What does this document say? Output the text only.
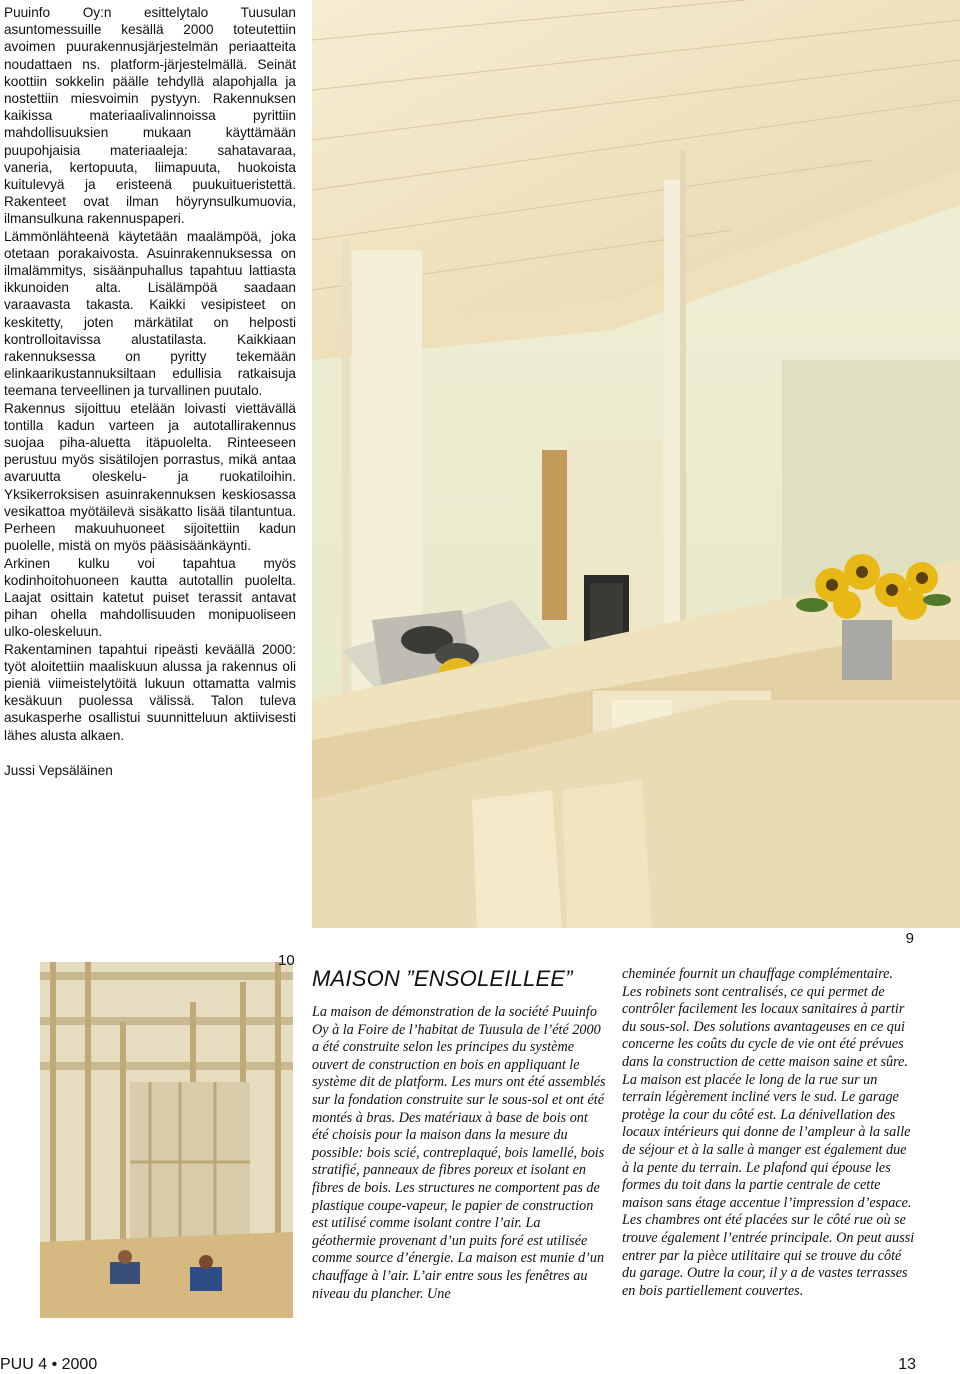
Puuinfo Oy:n esittelytalo Tuusulan asuntomessuille kesällä 2000 toteutettiin avoimen puurakennusjärjestelmän periaatteita noudattaen ns. platform-järjestelmällä. Seinät koottiin sokkelin päälle tehdyllä alapohjalla ja nostettiin miesvoimin pystyyn. Rakennuksen kaikissa materiaalivalinnoissa pyrittiin mahdollisuuksien mukaan käyttämään puupohjaisia materiaaleja: sahatavaraa, vaneria, kertopuuta, liimapuuta, huokoista kuitulevyä ja eristeenä puukuitueristettä. Rakenteet ovat ilman höyrynsulkumuovia, ilmansulkuna rakennuspaperi.

Lämmönlähteenä käytetään maalämpöä, joka otetaan porakaivosta. Asuinrakennuksessa on ilmalämmitys, sisäänpuhallus tapahtuu lattiasta ikkunoiden alta. Lisälämpöä saadaan varaavasta takasta. Kaikki vesipisteet on keskitetty, joten märkätilat on helposti kontrolloitavissa alustatilasta. Kaikkiaan rakennuksessa on pyritty tekemään elinkaarikustannuksiltaan edullisia ratkaisuja teemana terveellinen ja turvallinen puutalo.

Rakennus sijoittuu etelään loivasti viettävällä tontilla kadun varteen ja autotallirakennus suojaa piha-aluetta itäpuolelta. Rinteeseen perustuu myös sisätilojen porrastus, mikä antaa avaruutta oleskelu- ja ruokatiloihin. Yksikerroksisen asuinrakennuksen keskiosassa vesikattoa myötäilevä sisäkatto lisää tilantuntua. Perheen makuuhuoneet sijoitettiin kadun puolelle, mistä on myös pääsisäänkäynti.

Arkinen kulku voi tapahtua myös kodinhoitohuoneen kautta autotallin puolelta. Laajat osittain katetut puiset terassit antavat pihan ohella mahdollisuuden monipuoliseen ulko-oleskeluun.

Rakentaminen tapahtui ripeästi keväällä 2000: työt aloitettiin maaliskuun alussa ja rakennus oli pieniä viimeistelytöitä lukuun ottamatta valmis kesäkuun puolessa välissä. Talon tuleva asukasperhe osallistui suunnitteluun aktiivisesti lähes alusta alkaen.

Jussi Vepsäläinen

9
10
MAISON ”ENSOLEILLEE”

La maison de démonstration de la société Puuinfo Oy à la Foire de l’habitat de Tuusula de l’été 2000 a été construite selon les principes du système ouvert de construction en bois en appliquant le système dit de platform. Les murs ont été assemblés sur la fondation construite sur le sous-sol et ont été montés à bras. Des matériaux à base de bois ont été choisis pour la maison dans la mesure du possible: bois scié, contreplaqué, bois lamellé, bois stratifié, panneaux de fibres poreux et isolant en fibres de bois. Les structures ne comportent pas de plastique coupe-vapeur, le papier de construction est utilisé comme isolant contre l’air. La géothermie provenant d’un puits foré est utilisée comme source d’énergie. La maison est munie d’un chauffage à l’air. L’air entre sous les fenêtres au niveau du plancher. Une

cheminée fournit un chauffage complémentaire. Les robinets sont centralisés, ce qui permet de contrôler facilement les locaux sanitaires à partir du sous-sol. Des solutions avantageuses en ce qui concerne les coûts du cycle de vie ont été prévues dans la construction de cette maison saine et sûre. La maison est placée le long de la rue sur un terrain légèrement incliné vers le sud. Le garage protège la cour du côté est. La dénivellation des locaux intérieurs qui donne de l’ampleur à la salle de séjour et à la salle à manger est également due à la pente du terrain. Le plafond qui épouse les formes du toit dans la partie centrale de cette maison sans étage accentue l’impression d’espace. Les chambres ont été placées sur le côté rue où se trouve également l’entrée principale. On peut aussi entrer par la pièce utilitaire qui se trouve du côté du garage. Outre la cour, il y a de vastes terrasses en bois partiellement couvertes.

PUU 4 • 2000	13
